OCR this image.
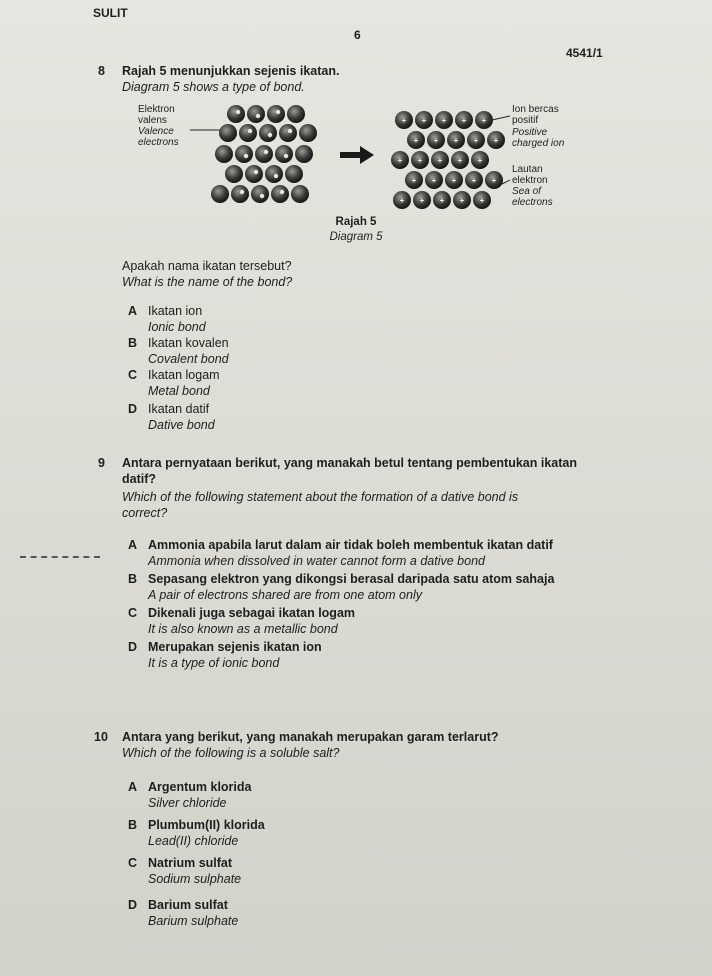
SULIT
6
4541/1
8 Rajah 5 menunjukkan sejenis ikatan.
Diagram 5 shows a type of bond.
Elektron
valens
Valence
electrons
Ion bercas
positif
Positive
charged ion
Lautan
elektron
Sea of
electrons
+ + + + +
+ + + + +
+ + + + +
+ + + + +
+ + + + +
Rajah 5
Diagram 5
Apakah nama ikatan tersebut?
What is the name of the bond?
A Ikatan ion
Ionic bond
B Ikatan kovalen
Covalent bond
C Ikatan logam
Metal bond
D Ikatan datif
Dative bond
9 Antara pernyataan berikut, yang manakah betul tentang pembentukan ikatan
datif?
Which of the following statement about the formation of a dative bond is
correct?
A Ammonia apabila larut dalam air tidak boleh membentuk ikatan datif
Ammonia when dissolved in water cannot form a dative bond
B Sepasang elektron yang dikongsi berasal daripada satu atom sahaja
A pair of electrons shared are from one atom only
C Dikenali juga sebagai ikatan logam
It is also known as a metallic bond
D Merupakan sejenis ikatan ion
It is a type of ionic bond
10 Antara yang berikut, yang manakah merupakan garam terlarut?
Which of the following is a soluble salt?
A Argentum klorida
Silver chloride
B Plumbum(II) klorida
Lead(II) chloride
C Natrium sulfat
Sodium sulphate
D Barium sulfat
Barium sulphate
